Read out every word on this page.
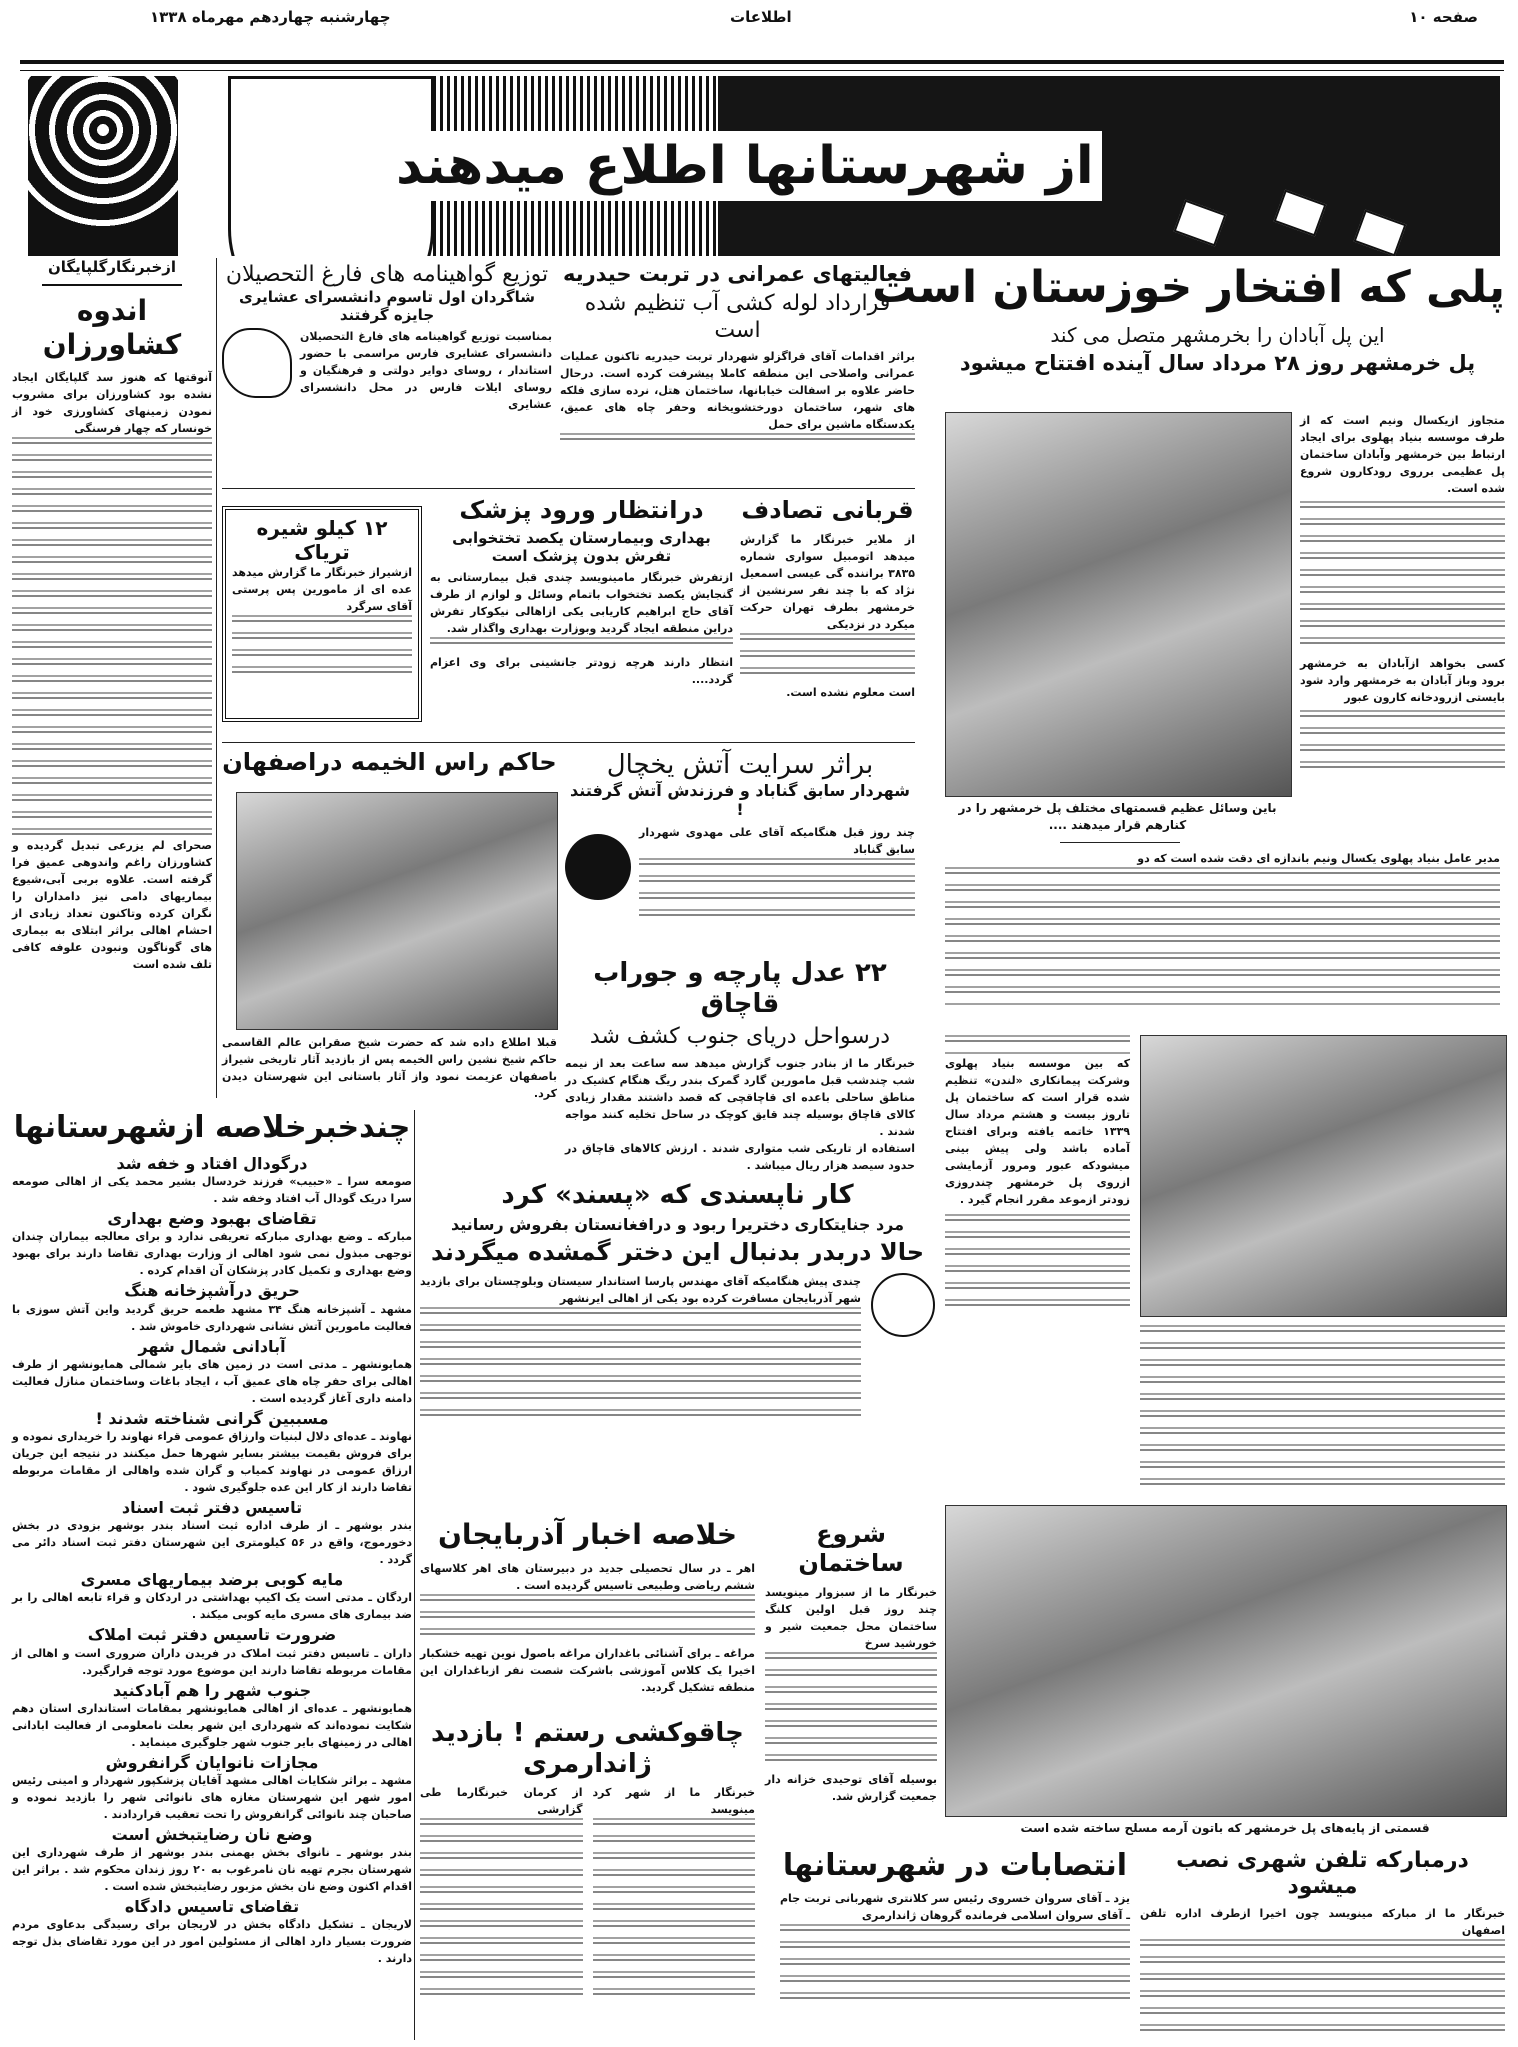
صفحه ۱۰
اطلاعات
چهارشنبه چهاردهم مهرماه ۱۳۳۸
از شهرستانها اطلاع میدهند
پلی که افتخار خوزستان است
این پل آبادان را بخرمشهر متصل می کند
پل خرمشهر روز ۲۸ مرداد سال آینده افتتاح میشود
متجاوز ازیکسال ونیم است که از طرف موسسه بنیاد پهلوی برای ایجاد ارتباط بین خرمشهر وآبادان ساختمان پل عظیمی برروی رودکارون شروع شده است.
کسی بخواهد ازآبادان به خرمشهر برود وباز آبادان به خرمشهر وارد شود بایستی ازرودخانه کارون عبور
باین وسائل عظیم قسمتهای مختلف پل خرمشهر را در کنارهم قرار میدهند ....
مدیر عامل بنیاد پهلوی یکسال ونیم باندازه ای دقت شده است که دو
که بین موسسه بنیاد پهلوی وشرکت پیمانکاری «لندن» تنظیم شده قرار است که ساختمان پل تاروز بیست و هشتم مرداد سال ۱۳۳۹ خاتمه یافته وبرای افتتاح آماده باشد ولی پیش بینی میشودکه عبور ومرور آزمایشی ازروی پل خرمشهر چندروزی زودتر ازموعد مقرر انجام گیرد .
ازخبرنگارگلپایگان
اندوه کشاورزان
آنوقتها که هنوز سد گلپایگان ایجاد نشده بود کشاورزان برای مشروب نمودن زمینهای کشاورزی خود از خونسار که چهار فرسنگی
صحرای لم یزرعی تبدیل گردیده و کشاورزان راغم واندوهی عمیق فرا گرفته است. علاوه بربی آبی،شیوع بیماریهای دامی نیز دامداران را نگران کرده وتاکنون تعداد زیادی از احشام اهالی براثر ابتلای به بیماری های گوناگون ونبودن علوفه کافی تلف شده است
توزیع گواهینامه های فارغ التحصیلان
شاگردان اول تاسوم دانشسرای عشایری جایزه گرفتند
بمناسبت توزیع گواهینامه های فارغ التحصیلان دانشسرای عشایری فارس مراسمی با حضور استاندار ، روسای دوایر دولتی و فرهنگیان و روسای ایلات فارس در محل دانشسرای عشایری
فعالیتهای عمرانی در تربت حیدریه
قرارداد لوله کشی آب تنظیم شده است
براثر اقدامات آقای قراگزلو شهردار تربت حیدریه تاکنون عملیات عمرانی واصلاحی این منطقه کاملا پیشرفت کرده است. درحال حاضر علاوه بر اسفالت خیابانها، ساختمان هتل، نرده سازی فلکه های شهر، ساختمان دورختشویخانه وحفر چاه های عمیق، یکدستگاه ماشین برای حمل
قربانی تصادف
از ملایر خبرنگار ما گزارش میدهد اتومبیل سواری شماره ۳۸۳۵ براننده گی عیسی اسمعیل نژاد که با چند نفر سرنشین از خرمشهر بطرف تهران حرکت میکرد در نزدیکی
است معلوم نشده است.
درانتظار ورود پزشک
بهداری وبیمارستان یکصد تختخوابی تفرش بدون پزشک است
ازتفرش خبرنگار مامینویسد چندی قبل بیمارستانی به گنجایش یکصد تختخواب باتمام وسائل و لوازم از طرف آقای حاج ابراهیم کاریابی یکی ازاهالی نیکوکار تفرش دراین منطقه ایجاد گردید وبوزارت بهداری واگذار شد.
انتظار دارند هرچه زودتر جانشینی برای وی اعزام گردد....
۱۲ کیلو شیره تریاک
ازشیراز خبرنگار ما گزارش میدهد عده ای از مامورین پس پرستی آقای سرگرد
حاکم راس الخیمه دراصفهان
قبلا اطلاع داده شد که حضرت شیخ صقرابن عالم القاسمی حاکم شیخ نشین راس الخیمه پس از بازدید آثار تاریخی شیراز باصفهان عزیمت نمود واز آثار باستانی این شهرستان دیدن کرد.
براثر سرایت آتش یخچال
شهردار سابق گناباد و فرزندش آتش گرفتند !
چند روز قبل هنگامیکه آقای علی مهدوی شهردار سابق گناباد
۲۲ عدل پارچه و جوراب قاچاق
درسواحل دریای جنوب کشف شد
خبرنگار ما از بنادر جنوب گزارش میدهد سه ساعت بعد از نیمه شب چندشب قبل مامورین گارد گمرک بندر ریگ هنگام کشیک در مناطق ساحلی باعده ای قاچاقچی که قصد داشتند مقدار زیادی کالای قاچاق بوسیله چند قایق کوچک در ساحل تخلیه کنند مواجه شدند .
استفاده از تاریکی شب متواری شدند . ارزش کالاهای قاچاق در حدود سیصد هزار ریال میباشد .
چندخبرخلاصه ازشهرستانها
درگودال افتاد و خفه شد
صومعه سرا ـ «حبیب» فرزند خردسال بشیر محمد یکی از اهالی صومعه سرا دریک گودال آب افتاد وخفه شد .
تقاضای بهبود وضع بهداری
مبارکه ـ وضع بهداری مبارکه تعریفی ندارد و برای معالجه بیماران چندان توجهی مبذول نمی شود اهالی از وزارت بهداری تقاضا دارند برای بهبود وضع بهداری و تکمیل کادر پزشکان آن اقدام کرده .
حریق درآشپزخانه هنگ
مشهد ـ آشپزخانه هنگ ۳۴ مشهد طعمه حریق گردید واین آتش سوزی با فعالیت مامورین آتش نشانی شهرداری خاموش شد .
آبادانی شمال شهر
همایونشهر ـ مدتی است در زمین های بایر شمالی همایونشهر از طرف اهالی برای حفر چاه های عمیق آب ، ایجاد باغات وساختمان منازل فعالیت دامنه داری آغاز گردیده است .
مسببین گرانی شناخته شدند !
نهاوند ـ عده‌ای دلال لبنیات وارزاق عمومی قراء نهاوند را خریداری نموده و برای فروش بقیمت بیشتر بسایر شهرها حمل میکنند در نتیجه این جریان ارزاق عمومی در نهاوند کمیاب و گران شده واهالی از مقامات مربوطه تقاضا دارند از کار این عده جلوگیری شود .
تاسیس دفتر ثبت اسناد
بندر بوشهر ـ از طرف اداره ثبت اسناد بندر بوشهر بزودی در بخش دخورموج، واقع در ۵۶ کیلومتری این شهرستان دفتر ثبت اسناد دائر می گردد .
مایه کوبی برضد بیماریهای مسری
اردگان ـ مدتی است یک اکیپ بهداشتی در اردکان و قراء تابعه اهالی را بر ضد بیماری های مسری مایه کوبی میکند .
ضرورت تاسیس دفتر ثبت املاک
داران ـ تاسیس دفتر ثبت املاک در فریدن داران ضروری است و اهالی از مقامات مربوطه تقاضا دارند این موضوع مورد توجه قرارگیرد.
جنوب شهر را هم آبادکنید
همایونشهر ـ عده‌ای از اهالی همایونشهر بمقامات استانداری استان دهم شکایت نموده‌اند که شهرداری این شهر بعلت نامعلومی از فعالیت ابادانی اهالی در زمینهای بایر جنوب شهر جلوگیری مینماید .
مجازات نانوایان گرانفروش
مشهد ـ براثر شکایات اهالی مشهد آقایان پزشکپور شهردار و امینی رئیس امور شهر این شهرستان مغازه های نانوائی شهر را بازدید نموده و صاحبان چند نانوائی گرانفروش را تحت تعقیب قراردادند .
وضع نان رضایتبخش است
بندر بوشهر ـ نانوای بخش بهمنی بندر بوشهر از طرف شهرداری این شهرستان بجرم تهیه نان نامرغوب به ۲۰ روز زندان محکوم شد . براثر این اقدام اکنون وضع نان بخش مزبور رضایتبخش شده است .
تقاضای تاسیس دادگاه
لاریجان ـ تشکیل دادگاه بخش در لاریجان برای رسیدگی بدعاوی مردم ضرورت بسیار دارد اهالی از مسئولین امور در این مورد تقاضای بذل توجه دارند .
کار ناپسندی که «پسند» کرد
مرد جنایتکاری دختریرا ربود و درافغانستان بفروش رسانید
حالا دربدر بدنبال این دختر گمشده میگردند
چندی پیش هنگامیکه آقای مهندس پارسا استاندار سیستان وبلوچستان برای بازدید شهر آذربایجان مسافرت کرده بود یکی از اهالی ایرنشهر
خلاصه اخبار آذربایجان
اهر ـ در سال تحصیلی جدید در دبیرستان های اهر کلاسهای ششم ریاضی وطبیعی تاسیس گردیده است .
مراغه ـ برای آشنائی باغداران مراغه باصول نوین تهیه خشکبار اخیرا یک کلاس آموزشی باشرکت شصت نفر ازباغداران این منطقه تشکیل گردید.
شروع ساختمان
خبرنگار ما از سبزوار مینویسد چند روز قبل اولین کلنگ ساختمان محل جمعیت شیر و خورشید سرخ
بوسیله آقای توحیدی خزانه دار جمعیت گزارش شد.
چاقوکشی رستم ! بازدید ژاندارمری
خبرنگار ما از شهر کرد مینویسد
از کرمان خبرنگارما طی گزارشی
قسمتی از پایه‌های پل خرمشهر که باتون آرمه مسلح ساخته شده است
درمبارکه تلفن شهری نصب میشود
خبرنگار ما از مبارکه مینویسد چون اخیرا ازطرف اداره تلفن اصفهان
انتصابات در شهرستانها
یزد ـ آقای سروان خسروی رئیس سر کلانتری شهربانی تربت جام ـ آقای سروان اسلامی فرمانده گروهان ژاندارمری
